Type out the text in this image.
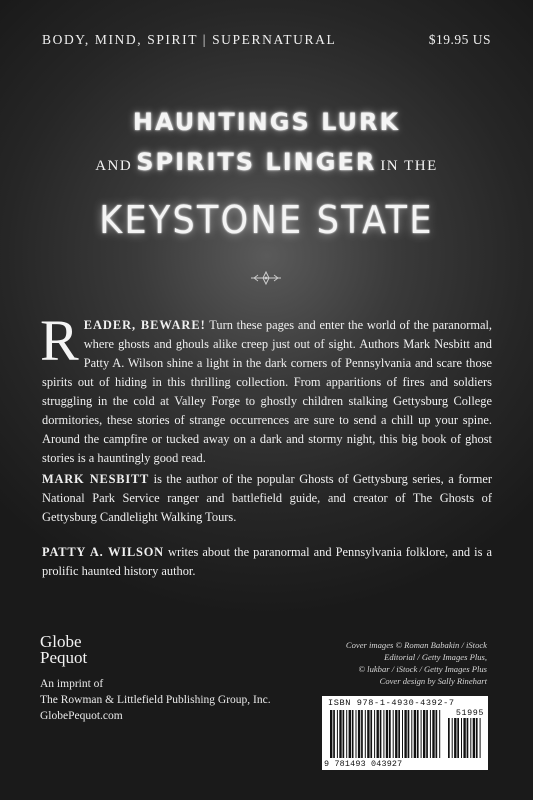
BODY, MIND, SPIRIT | SUPERNATURAL	$19.95 US
HAUNTINGS LURK
AND SPIRITS LINGER IN THE
KEYSTONE STATE
R EADER, BEWARE! Turn these pages and enter the world of the paranormal, where ghosts and ghouls alike creep just out of sight. Authors Mark Nesbitt and Patty A. Wilson shine a light in the dark corners of Pennsylvania and scare those spirits out of hiding in this thrilling collection. From apparitions of fires and soldiers struggling in the cold at Valley Forge to ghostly children stalking Gettysburg College dormitories, these stories of strange occurrences are sure to send a chill up your spine. Around the campfire or tucked away on a dark and stormy night, this big book of ghost stories is a hauntingly good read.

MARK NESBITT is the author of the popular Ghosts of Gettysburg series, a former National Park Service ranger and battlefield guide, and creator of The Ghosts of Gettysburg Candlelight Walking Tours.
PATTY A. WILSON writes about the paranormal and Pennsylvania folklore, and is a prolific haunted history author.
Globe
Pequot
An imprint of
The Rowman & Littlefield Publishing Group, Inc.
GlobePequot.com
Cover images © Roman Babakin / iStock
Editorial / Getty Images Plus,
© lukbar / iStock / Getty Images Plus
Cover design by Sally Rinehart
ISBN 978-1-4930-4392-7
51995
9 781493 043927
